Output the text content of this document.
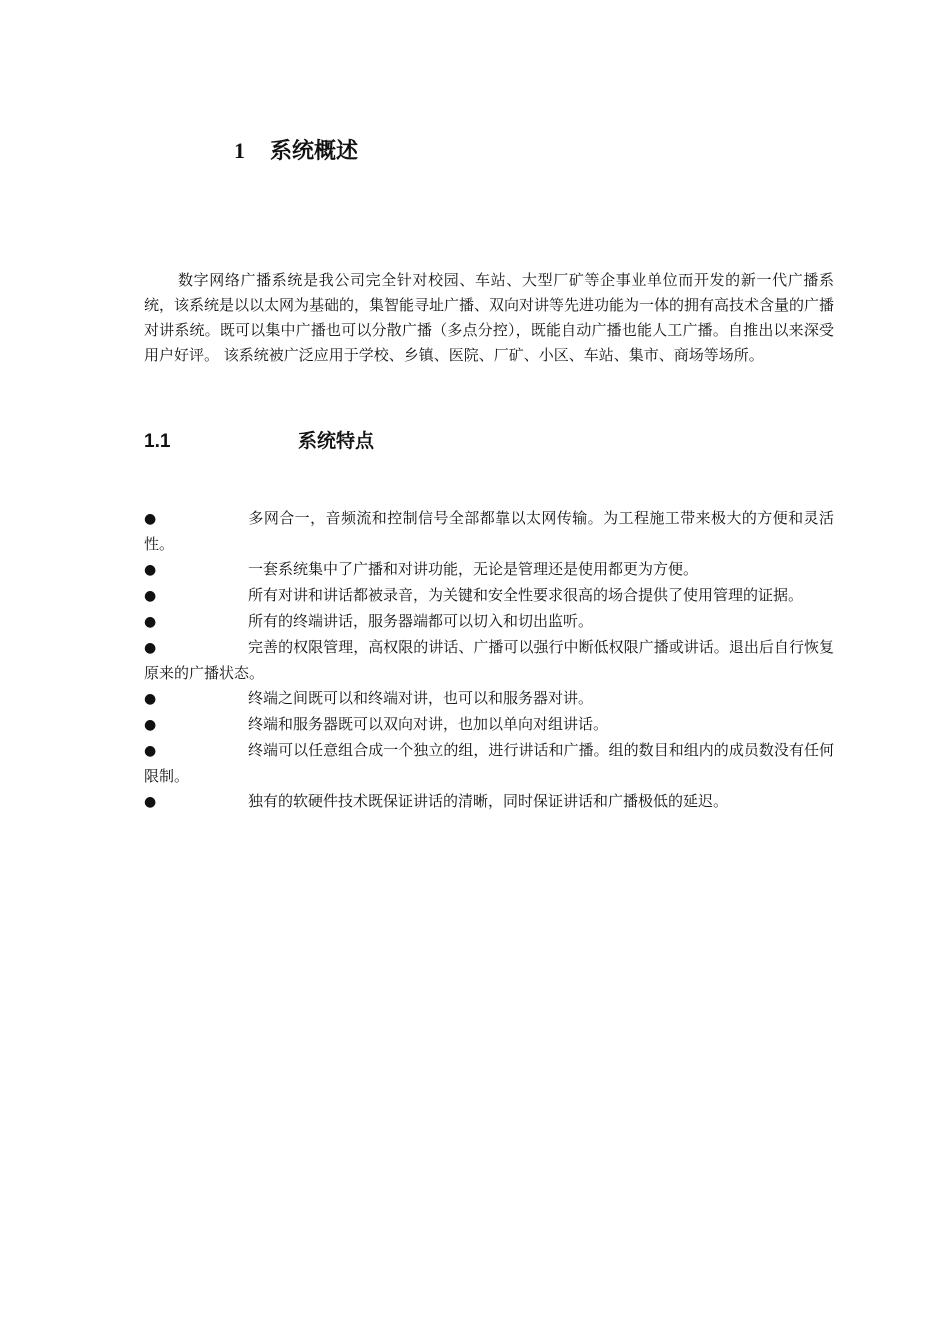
1 系统概述

数字网络广播系统是我公司完全针对校园、车站、大型厂矿等企事业单位而开发的新一代广播系统，该系统是以以太网为基础的，集智能寻址广播、双向对讲等先进功能为一体的拥有高技术含量的广播对讲系统。既可以集中广播也可以分散广播（多点分控），既能自动广播也能人工广播。自推出以来深受用户好评。 该系统被广泛应用于学校、乡镇、医院、厂矿、小区、车站、集市、商场等场所。

1.1	系统特点
●	多网合一，音频流和控制信号全部都靠以太网传输。为工程施工带来极大的方便和灵活性。
●	一套系统集中了广播和对讲功能，无论是管理还是使用都更为方便。
●	所有对讲和讲话都被录音，为关键和安全性要求很高的场合提供了使用管理的证据。
●	所有的终端讲话，服务器端都可以切入和切出监听。
●	完善的权限管理，高权限的讲话、广播可以强行中断低权限广播或讲话。退出后自行恢复原来的广播状态。
●	终端之间既可以和终端对讲，也可以和服务器对讲。
●	终端和服务器既可以双向对讲，也加以单向对组讲话。
●	终端可以任意组合成一个独立的组，进行讲话和广播。组的数目和组内的成员数没有任何限制。
●	独有的软硬件技术既保证讲话的清晰，同时保证讲话和广播极低的延迟。
